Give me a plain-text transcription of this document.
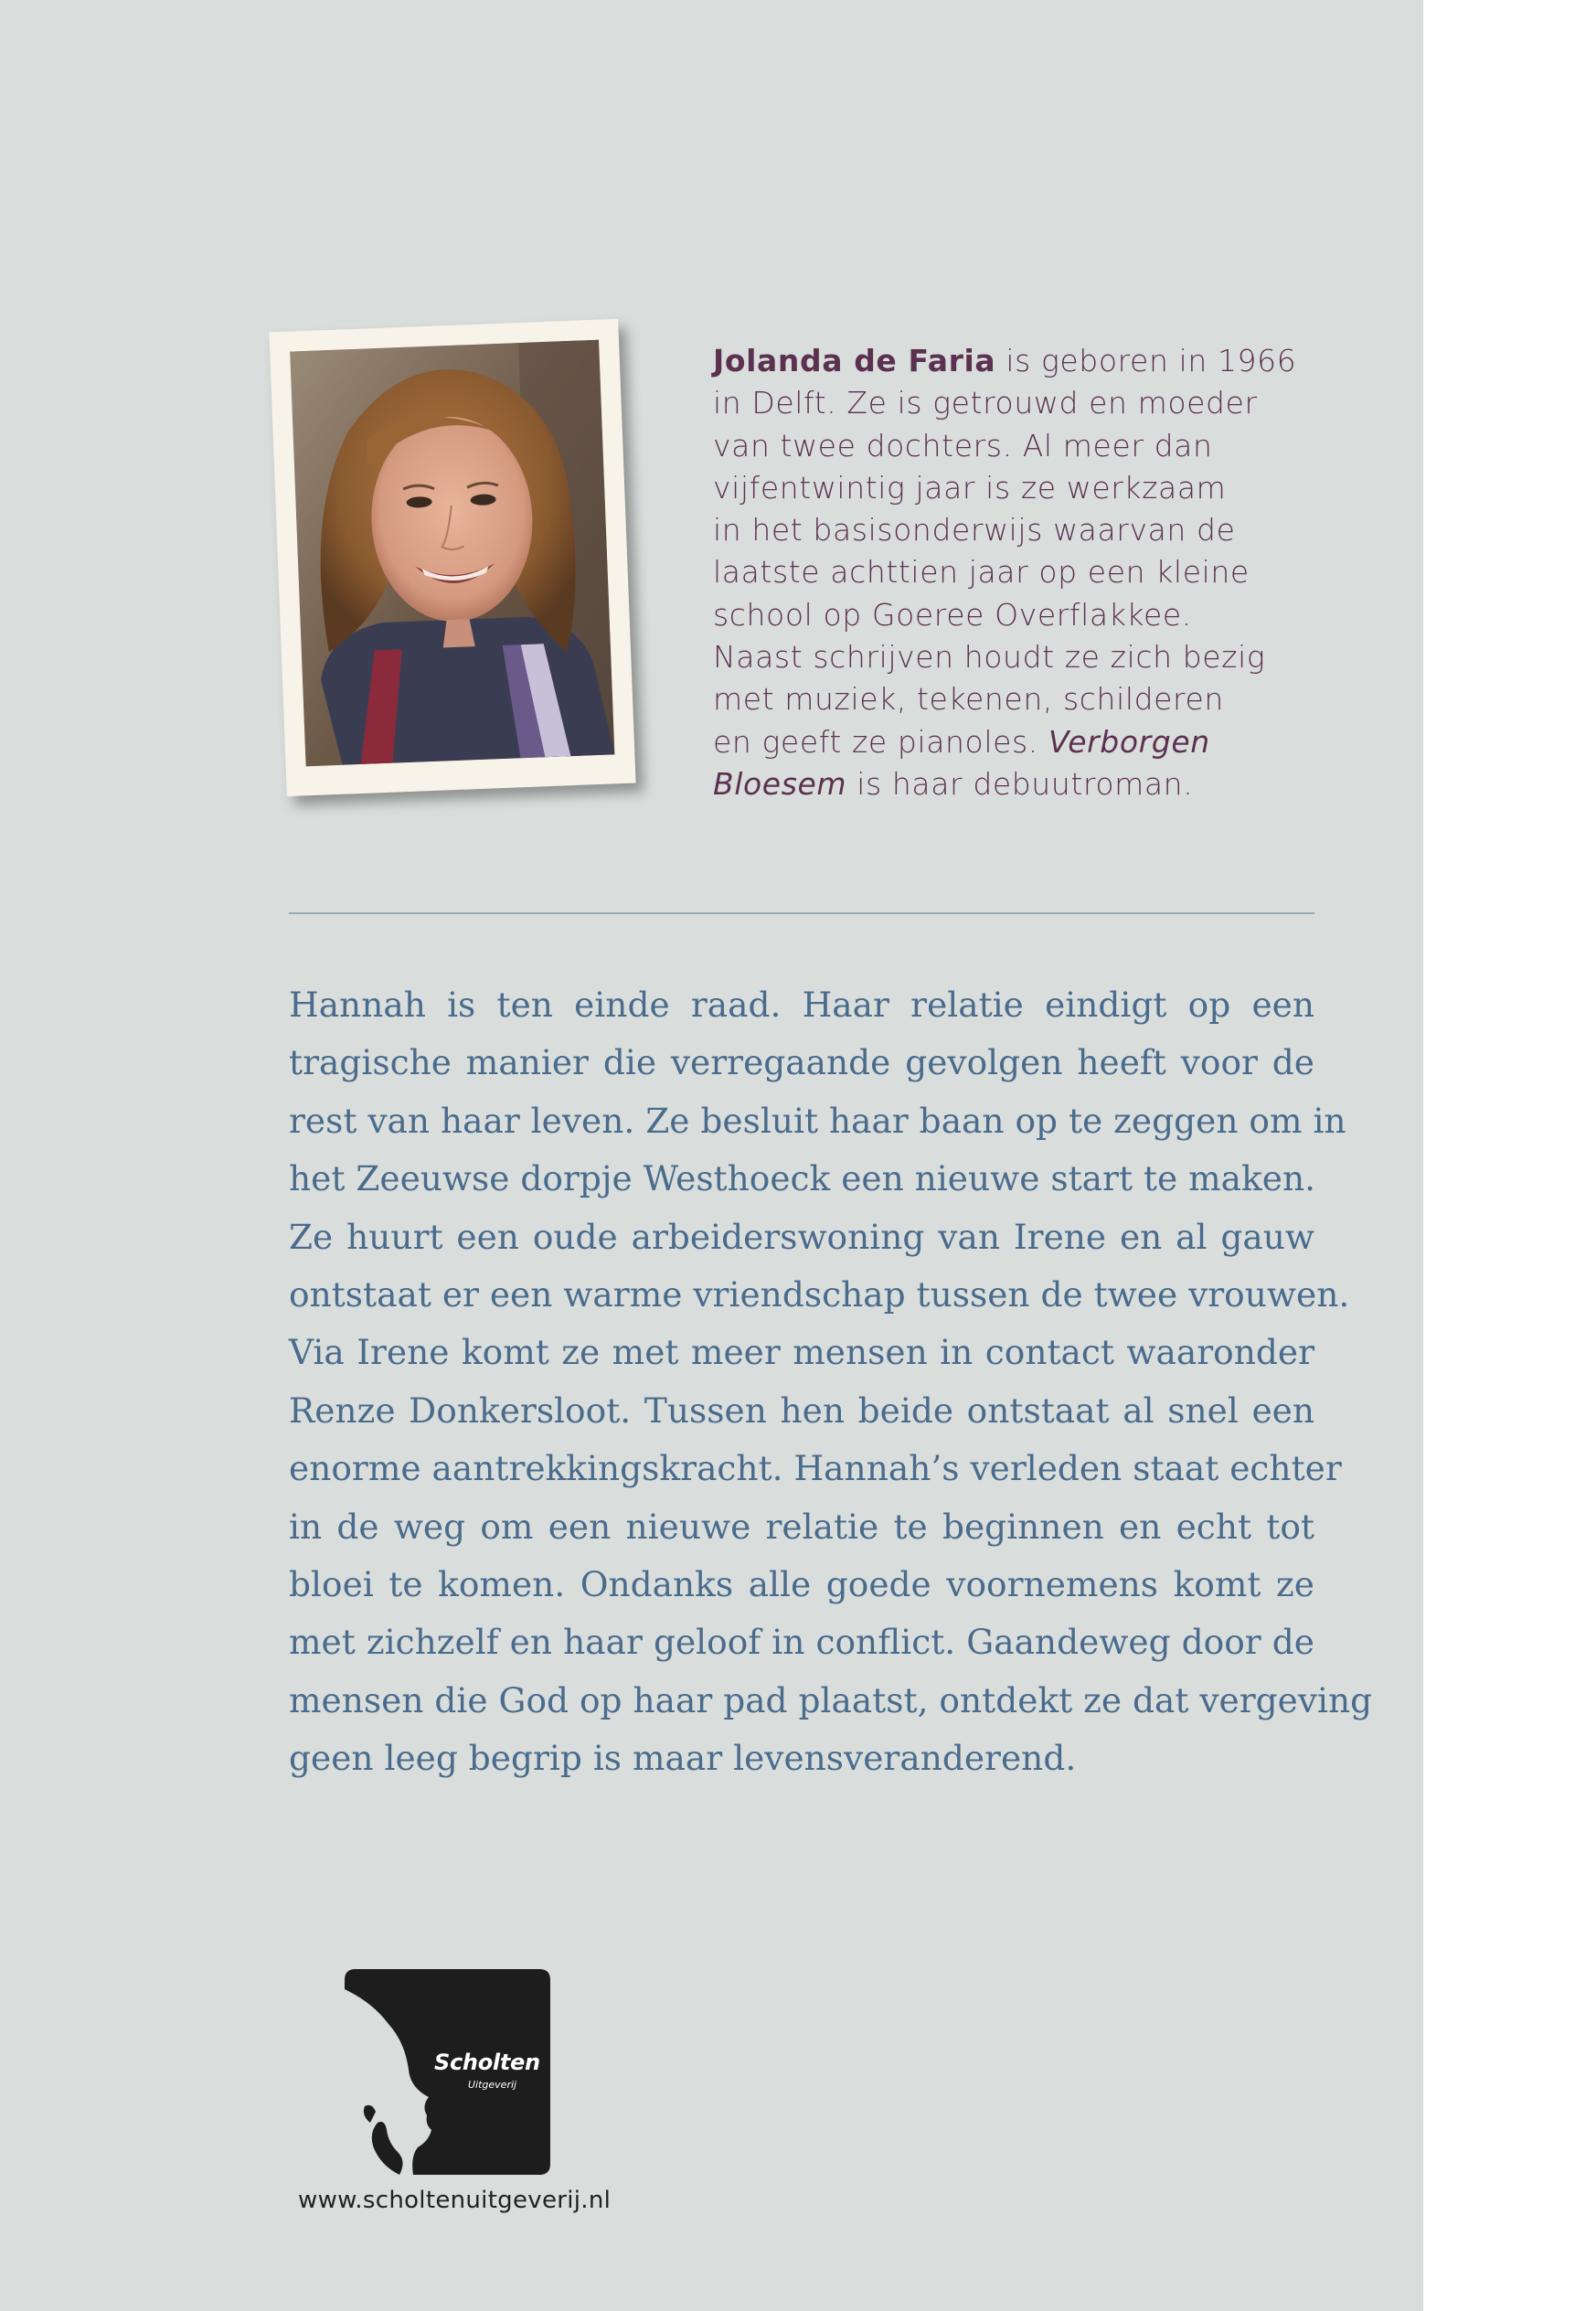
Jolanda de Faria is geboren in 1966
in Delft. Ze is getrouwd en moeder
van twee dochters. Al meer dan
vijfentwintig jaar is ze werkzaam
in het basisonderwijs waarvan de
laatste achttien jaar op een kleine
school op Goeree Overflakkee.
Naast schrijven houdt ze zich bezig
met muziek, tekenen, schilderen
en geeft ze pianoles. Verborgen
Bloesem is haar debuutroman.
Hannah is ten einde raad. Haar relatie eindigt op een
tragische manier die verregaande gevolgen heeft voor de
rest van haar leven. Ze besluit haar baan op te zeggen om in
het Zeeuwse dorpje Westhoeck een nieuwe start te maken.
Ze huurt een oude arbeiderswoning van Irene en al gauw
ontstaat er een warme vriendschap tussen de twee vrouwen.
Via Irene komt ze met meer mensen in contact waaronder
Renze Donkersloot. Tussen hen beide ontstaat al snel een
enorme aantrekkingskracht. Hannah’s verleden staat echter
in de weg om een nieuwe relatie te beginnen en echt tot
bloei te komen. Ondanks alle goede voornemens komt ze
met zichzelf en haar geloof in conflict. Gaandeweg door de
mensen die God op haar pad plaatst, ontdekt ze dat vergeving
geen leeg begrip is maar levensveranderend.
Scholten
Uitgeverij
www.scholtenuitgeverij.nl
